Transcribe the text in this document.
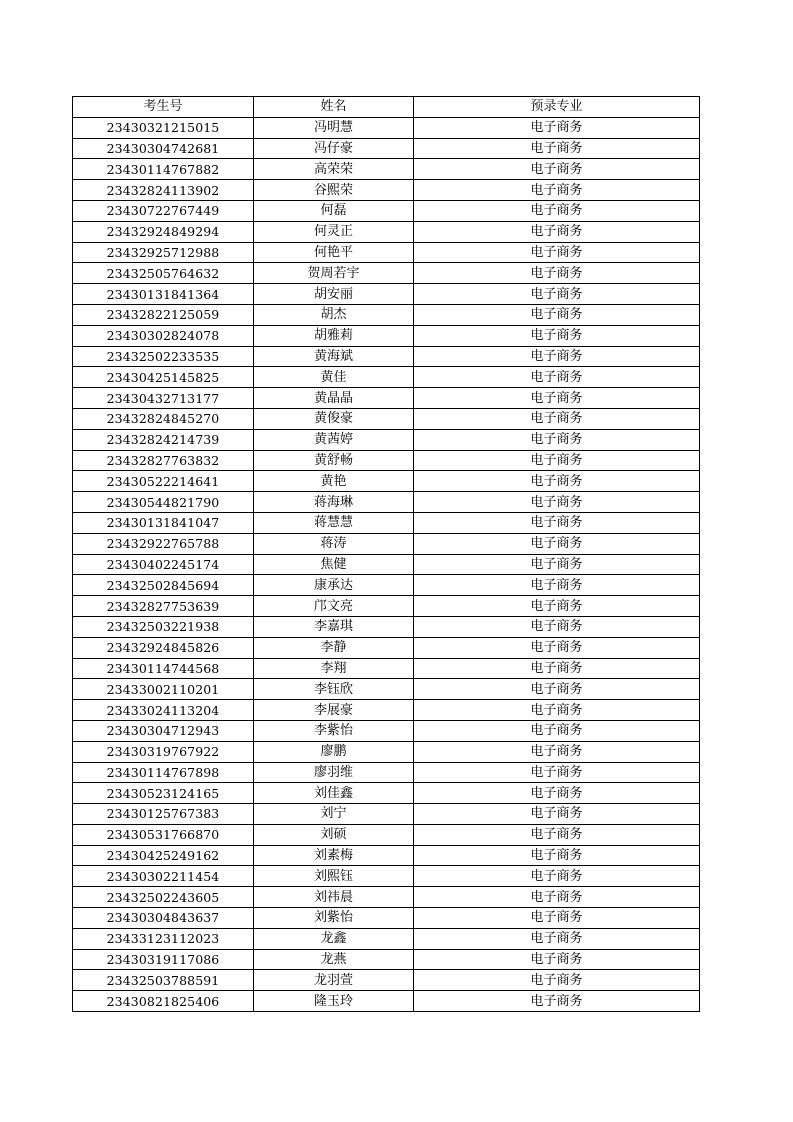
考生号	姓名	预录专业
23430321215015	冯明慧	电子商务
23430304742681	冯仔豪	电子商务
23430114767882	高荣荣	电子商务
23432824113902	谷熙荣	电子商务
23430722767449	何磊	电子商务
23432924849294	何灵正	电子商务
23432925712988	何艳平	电子商务
23432505764632	贺周若宇	电子商务
23430131841364	胡安丽	电子商务
23432822125059	胡杰	电子商务
23430302824078	胡雅莉	电子商务
23432502233535	黄海斌	电子商务
23430425145825	黄佳	电子商务
23430432713177	黄晶晶	电子商务
23432824845270	黄俊豪	电子商务
23432824214739	黄茜婷	电子商务
23432827763832	黄舒畅	电子商务
23430522214641	黄艳	电子商务
23430544821790	蒋海琳	电子商务
23430131841047	蒋慧慧	电子商务
23432922765788	蒋涛	电子商务
23430402245174	焦健	电子商务
23432502845694	康承达	电子商务
23432827753639	邝文亮	电子商务
23432503221938	李嘉琪	电子商务
23432924845826	李静	电子商务
23430114744568	李翔	电子商务
23433002110201	李钰欣	电子商务
23433024113204	李展豪	电子商务
23430304712943	李紫怡	电子商务
23430319767922	廖鹏	电子商务
23430114767898	廖羽维	电子商务
23430523124165	刘佳鑫	电子商务
23430125767383	刘宁	电子商务
23430531766870	刘硕	电子商务
23430425249162	刘素梅	电子商务
23430302211454	刘熙钰	电子商务
23432502243605	刘祎晨	电子商务
23430304843637	刘紫怡	电子商务
23433123112023	龙鑫	电子商务
23430319117086	龙燕	电子商务
23432503788591	龙羽萱	电子商务
23430821825406	隆玉玲	电子商务
